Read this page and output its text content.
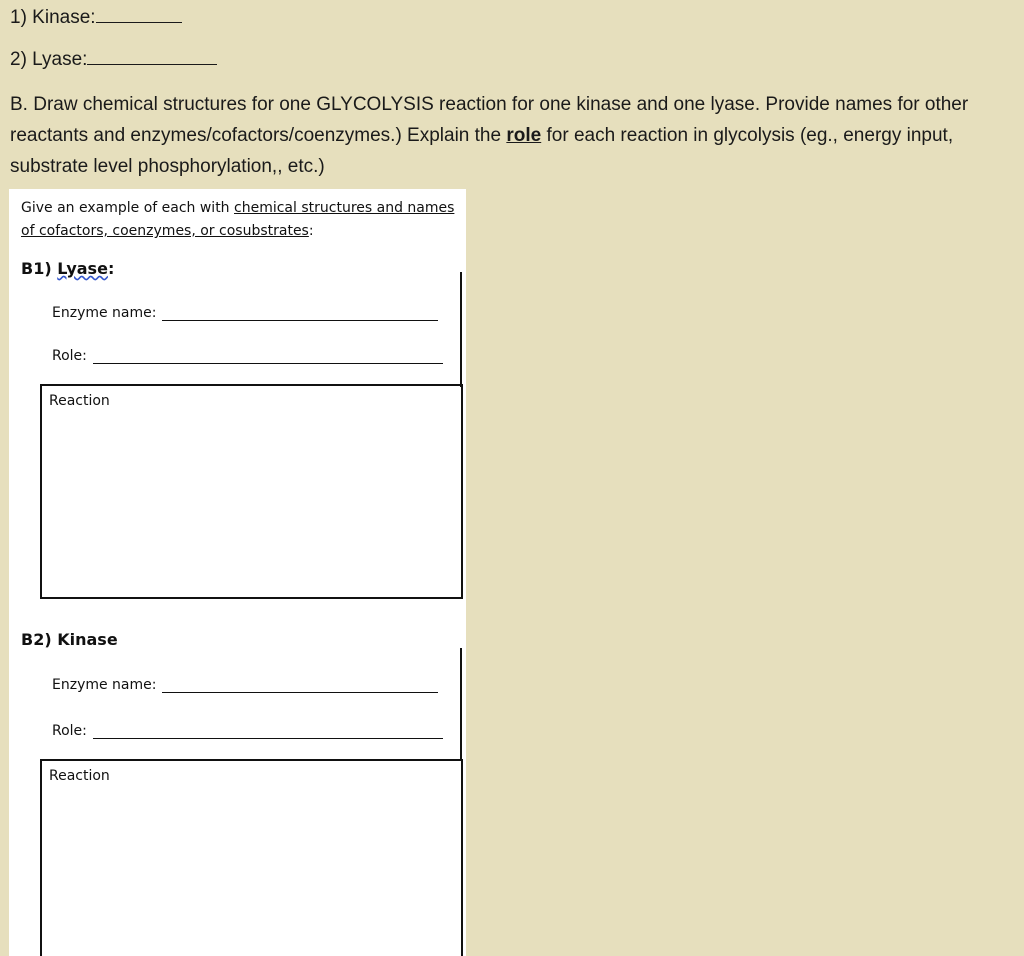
1) Kinase:
2) Lyase:
B. Draw chemical structures for one GLYCOLYSIS reaction for one kinase and one lyase. Provide names for other reactants and enzymes/cofactors/coenzymes.) Explain the role for each reaction in glycolysis (eg., energy input, substrate level phosphorylation,, etc.)
Give an example of each with chemical structures and names of cofactors, coenzymes, or cosubstrates:
B1) Lyase:
Enzyme name:
Role:
Reaction
B2) Kinase
Enzyme name:
Role:
Reaction
